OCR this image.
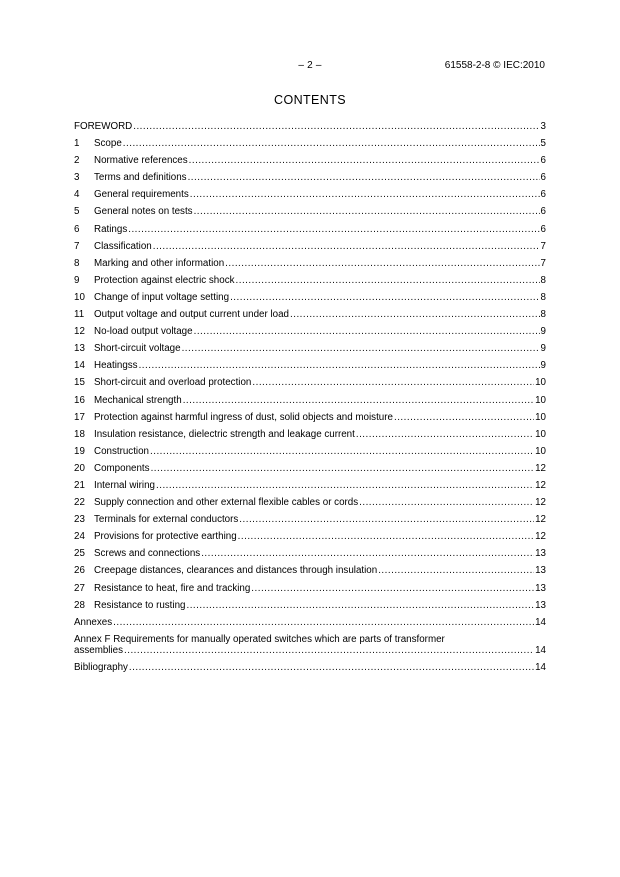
– 2 –	61558-2-8 © IEC:2010
CONTENTS
FOREWORD .....	3
1	Scope .....	5
2	Normative references .....	6
3	Terms and definitions .....	6
4	General requirements .....	6
5	General notes on tests .....	6
6	Ratings .....	6
7	Classification .....	7
8	Marking and other information .....	7
9	Protection against electric shock .....	8
10 Change of input voltage setting .....	8
11	Output voltage and output current under load .....	8
12 No-load output voltage .....	9
13 Short-circuit voltage .....	9
14 Heatingss .....	9
15 Short-circuit and overload protection .....	10
16 Mechanical strength .....	10
17 Protection against harmful ingress of dust, solid objects and moisture .....	10
18 Insulation resistance, dielectric strength and leakage current .....	10
19 Construction .....	10
20 Components .....	12
21 Internal wiring .....	12
22 Supply connection and other external flexible cables or cords .....	12
23 Terminals for external conductors .....	12
24 Provisions for protective earthing .....	12
25 Screws and connections .....	13
26 Creepage distances, clearances and distances through insulation .....	13
27 Resistance to heat, fire and tracking .....	13
28 Resistance to rusting .....	13
Annexes .....	14
Annex F Requirements for manually operated switches which are parts of transformer
assemblies .....	14
Bibliography .....	14
